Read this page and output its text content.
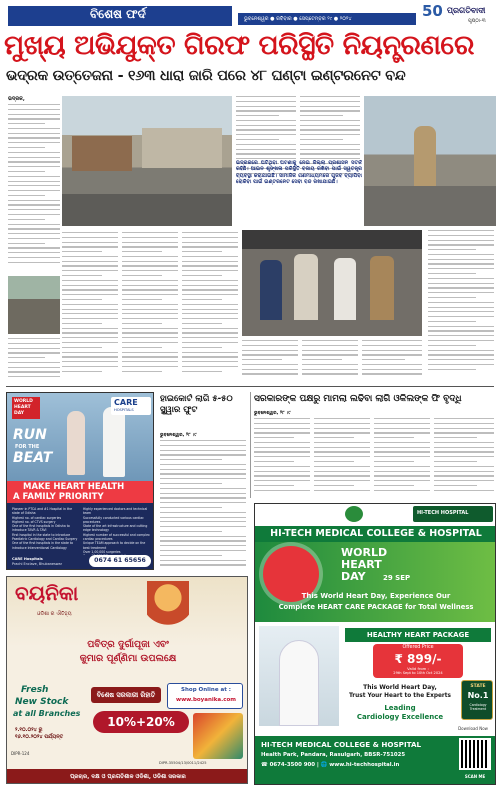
ବିଶେଷ ଫର୍ଦ	ଭୁବନେଶ୍ୱର ● ରବିବାର ● ସେପ୍ଟେମ୍ବର ୨୯ ● ୨୦୨୪	50 ପ୍ରଗତିବାଦୀ
ପୃଷ୍ଠା-୩
ମୁଖ୍ୟ ଅଭିଯୁକ୍ତ ଗିରଫ ପରିସ୍ଥିତି ନିୟନ୍ତ୍ରଣରେ
ଭଦ୍ରକ ଉତ୍ତେଜନା - ୧୬୩ ଧାରା ଜାରି ପରେ ୪୮ ଘଣ୍ଟା ଇଣ୍ଟରନେଟ ବନ୍ଦ
ଭଦ୍ରକ,
ଭଦ୍ରକରେ ଘଟିଥିବା ଘଟଣାକୁ ନେଇ ଜିଲ୍ଲା ପ୍ରଶାସନ ସତର୍କ ରହିଛି। ଆଇନ ଶୃଙ୍ଖଳା ପରିସ୍ଥିତି ବଜାୟ ରଖିବା ପାଇଁ ସ୍ୱତନ୍ତ୍ର ବ୍ୟବସ୍ଥା କରାଯାଇଛି। ସାମାଜିକ ଗଣମାଧ୍ୟମରେ ଗୁଜବ ବ୍ୟାପିବା ରୋକିବା ପାଇଁ ଇଣ୍ଟରନେଟ ସେବା ବନ୍ଦ ରଖାଯାଇଛି।
WORLD
HEART
DAY
CARE
HOSPITALS
RUN
FOR THE
BEAT
MAKE HEART HEALTH
A FAMILY PRIORITY
Pioneer in PTCA and #1 Hospital in the state of Odisha
Highest no. of cardiac surgeries
Highest no. of CTVS surgery
One of the first hospitals in Odisha to introduce TAVR & TAVI
First hospital in the state to introduce Paediatric Cardiology and Cardiac Surgery
One of the first hospitals in the state to introduce Interventional Cardiology
Highly experienced doctors and technical team
Successfully conducted various cardiac procedures
State of the art infrastructure and cutting edge technology
Highest number of successful and complex cardiac procedures
Unique TEAM approach to decide on the best treatment
Over 1,00,000 surgeries
CARE Hospitals
Prachi Enclave, Bhubaneswar	0674 61 65656
ହାଇକୋର୍ଟ ଲାଗି ୫-୫୦ ସ୍କ୍ୱାର ଫୁଟ
ଭୁବନେଶ୍ୱର, ୨୮ ।୯
ସରକାରଙ୍କ ପକ୍ଷରୁ ମାମଲା ଲଢିବା ଲାଗି ଓକିଲଙ୍କ ଫି ବୃଦ୍ଧି
ଭୁବନେଶ୍ୱର, ୨୮ ।୯
HI-TECH HOSPITAL
HI-TECH MEDICAL COLLEGE & HOSPITAL
WORLD
HEART
DAY 29 SEP
This World Heart Day, Experience Our
Complete HEART CARE PACKAGE for Total Wellness
HEALTHY HEART PACKAGE
Offered Price
₹ 899/-
Valid from :
29th Sept to 10th Oct 2024
This World Heart Day,
Trust Your Heart to the Experts
Leading
Cardiology Excellence
STATE
No.1
Cardiology Treatment
Download Now
HI-TECH MEDICAL COLLEGE & HOSPITAL
Health Park, Pandara, Rasulgarh, BBSR-751025
☎ 0674-3500 900 | 🌐 www.hi-techhospital.in
SCAN ME
ବୟନିକା
ଓଡିଶା ର ଐତିହ୍ୟ
ପବିତ୍ର ଦୁର୍ଗାପୂଜା ଏବଂ
କୁମାର ପୂର୍ଣ୍ଣିମା ଉପଲକ୍ଷେ
Fresh
New Stock
at all Branches
ବିଶେଷ ସରକାରୀ ରିହାତି
Shop Online at :
www.boyanika.com
୨.୧୦.୦୨୪ ରୁ
୧୬.୧୦.୨୦୨୪ ପର୍ଯ୍ୟନ୍ତ
10%+20%
DIPR-124
DIPR-35504/13/0011/2425
ପ୍ରଚାର, ଦକ୍ଷ ଓ ପ୍ରଗତିଶୀଳ ଓଡିଶା, ଓଡିଶା ସରକାର
